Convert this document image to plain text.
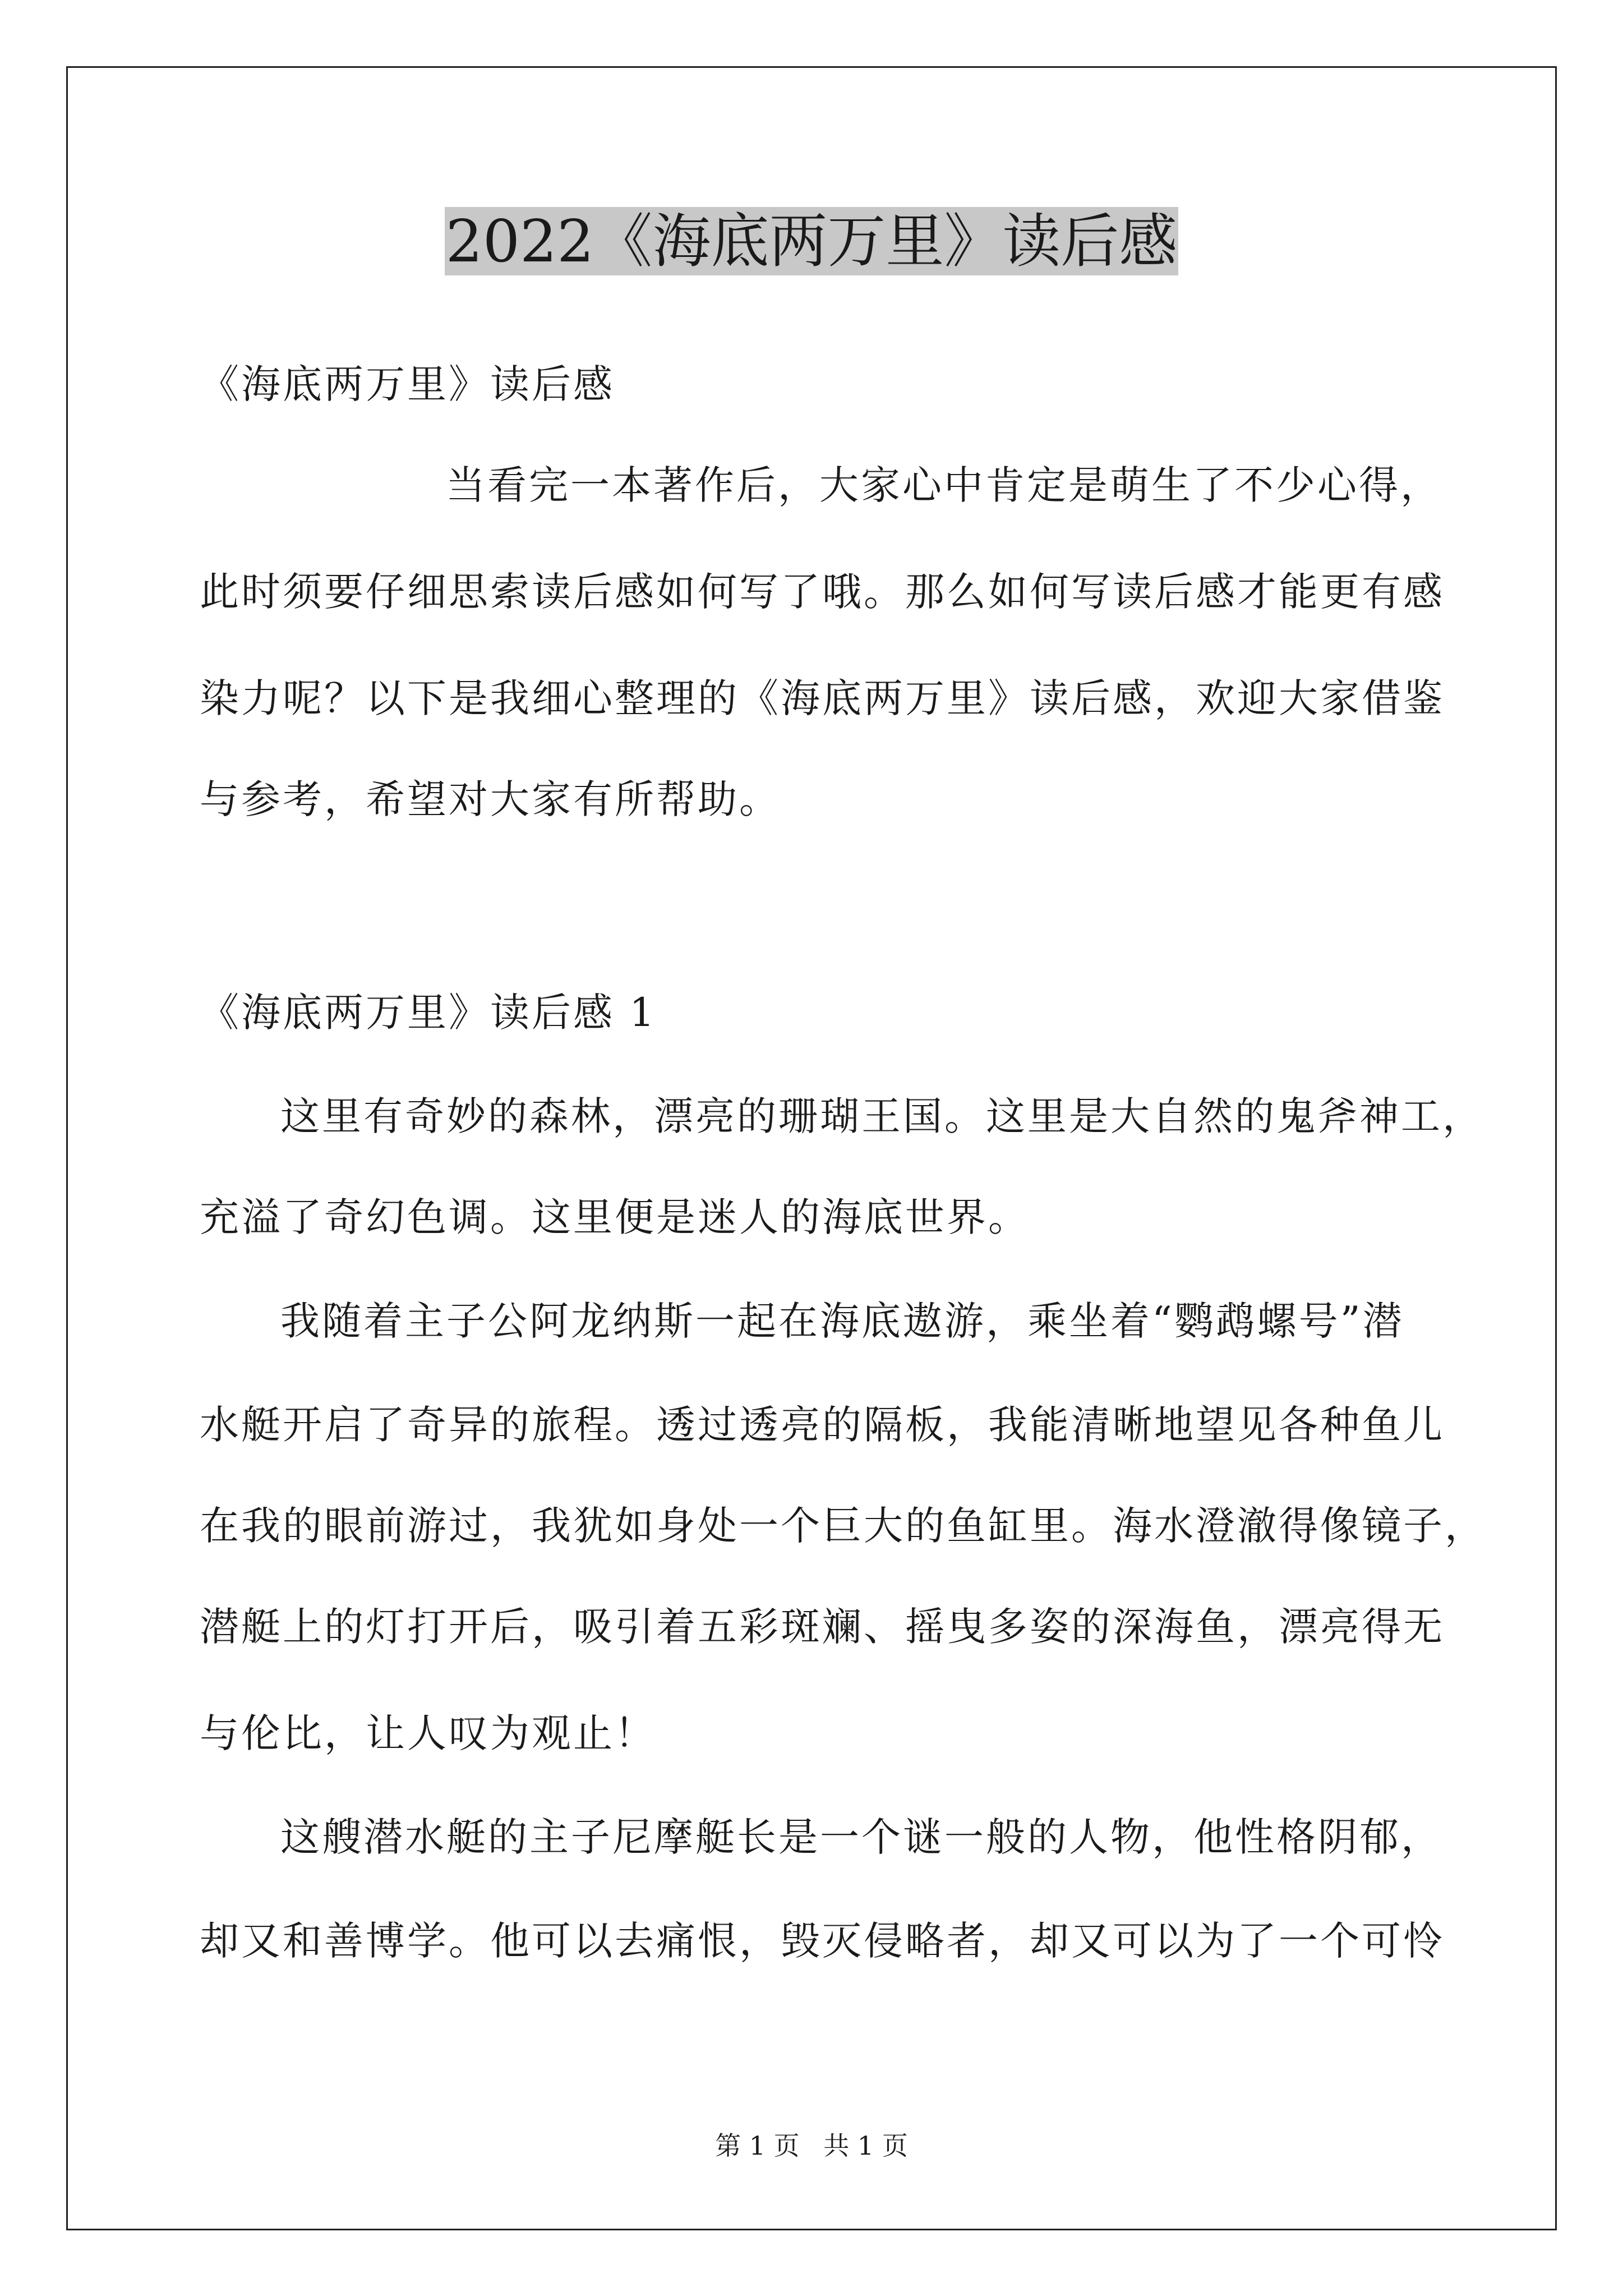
2022《海底两万里》读后感
《海底两万里》读后感
当看完一本著作后，大家心中肯定是萌生了不少心得，
此时须要仔细思索读后感如何写了哦。那么如何写读后感才能更有感
染力呢？以下是我细心整理的《海底两万里》读后感，欢迎大家借鉴
与参考，希望对大家有所帮助。
《海底两万里》读后感 1
这里有奇妙的森林，漂亮的珊瑚王国。这里是大自然的鬼斧神工，
充溢了奇幻色调。这里便是迷人的海底世界。
我随着主子公阿龙纳斯一起在海底遨游，乘坐着“鹦鹉螺号”潜
水艇开启了奇异的旅程。透过透亮的隔板，我能清晰地望见各种鱼儿
在我的眼前游过，我犹如身处一个巨大的鱼缸里。海水澄澈得像镜子，
潜艇上的灯打开后，吸引着五彩斑斓、摇曳多姿的深海鱼，漂亮得无
与伦比，让人叹为观止！
这艘潜水艇的主子尼摩艇长是一个谜一般的人物，他性格阴郁，
却又和善博学。他可以去痛恨，毁灭侵略者，却又可以为了一个可怜
第 1 页 共 1 页
